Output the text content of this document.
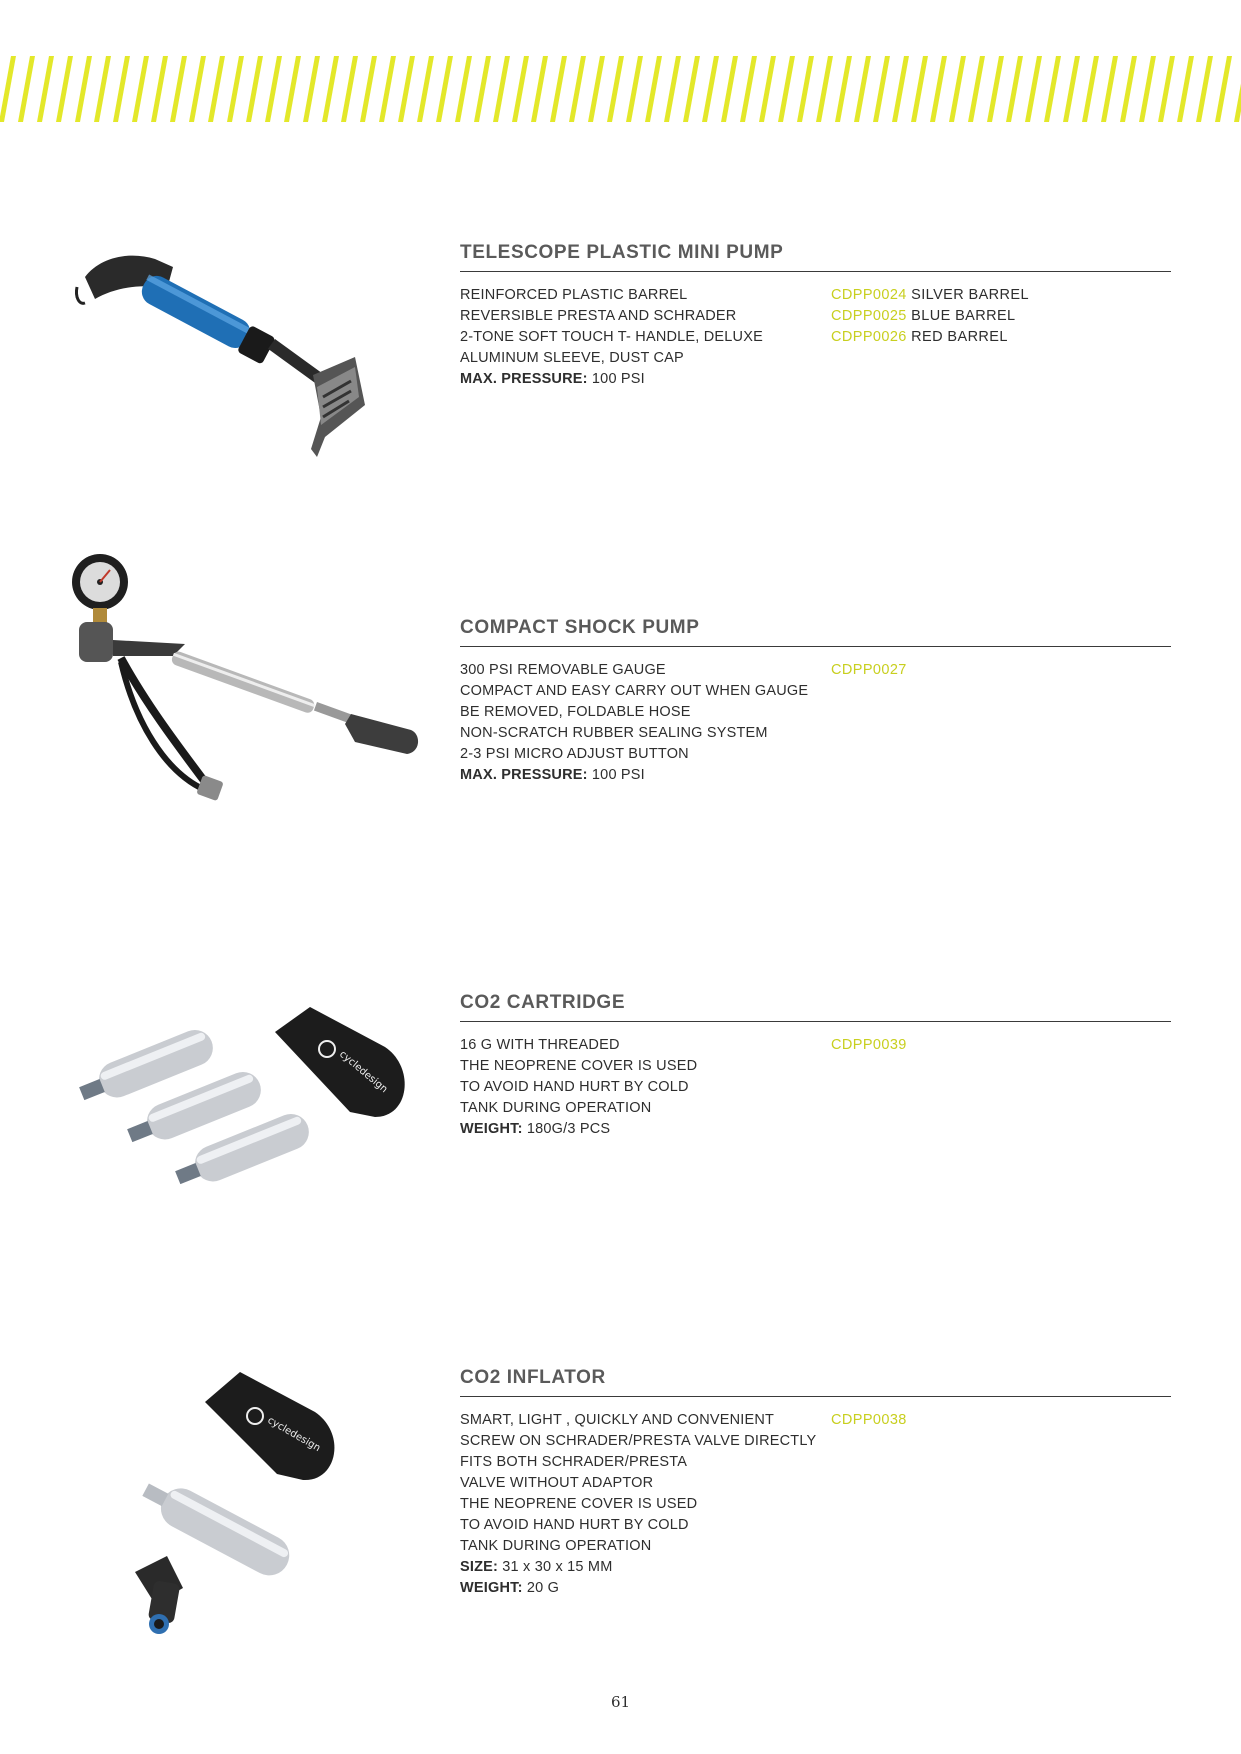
TELESCOPE PLASTIC MINI PUMP
REINFORCED PLASTIC BARREL
REVERSIBLE PRESTA AND SCHRADER
2-TONE SOFT TOUCH T- HANDLE, DELUXE
ALUMINUM SLEEVE, DUST CAP
MAX. PRESSURE: 100 PSI
CDPP0024 SILVER BARREL
CDPP0025 BLUE BARREL
CDPP0026 RED BARREL
COMPACT SHOCK PUMP
300 PSI REMOVABLE GAUGE
COMPACT AND EASY CARRY OUT WHEN GAUGE
BE REMOVED, FOLDABLE HOSE
NON-SCRATCH RUBBER SEALING SYSTEM
2-3 PSI MICRO ADJUST BUTTON
MAX. PRESSURE: 100 PSI
CDPP0027
cycledesign
CO2 CARTRIDGE
16 G WITH THREADED
THE NEOPRENE COVER IS USED
TO AVOID HAND HURT BY COLD
TANK DURING OPERATION
WEIGHT: 180G/3 PCS
CDPP0039
cycledesign
CO2 INFLATOR
SMART, LIGHT , QUICKLY AND CONVENIENT
SCREW ON SCHRADER/PRESTA VALVE DIRECTLY
FITS BOTH SCHRADER/PRESTA
VALVE WITHOUT ADAPTOR
THE NEOPRENE COVER IS USED
TO AVOID HAND HURT BY COLD
TANK DURING OPERATION
SIZE: 31 x 30 x 15 MM
WEIGHT: 20 G
CDPP0038
61
